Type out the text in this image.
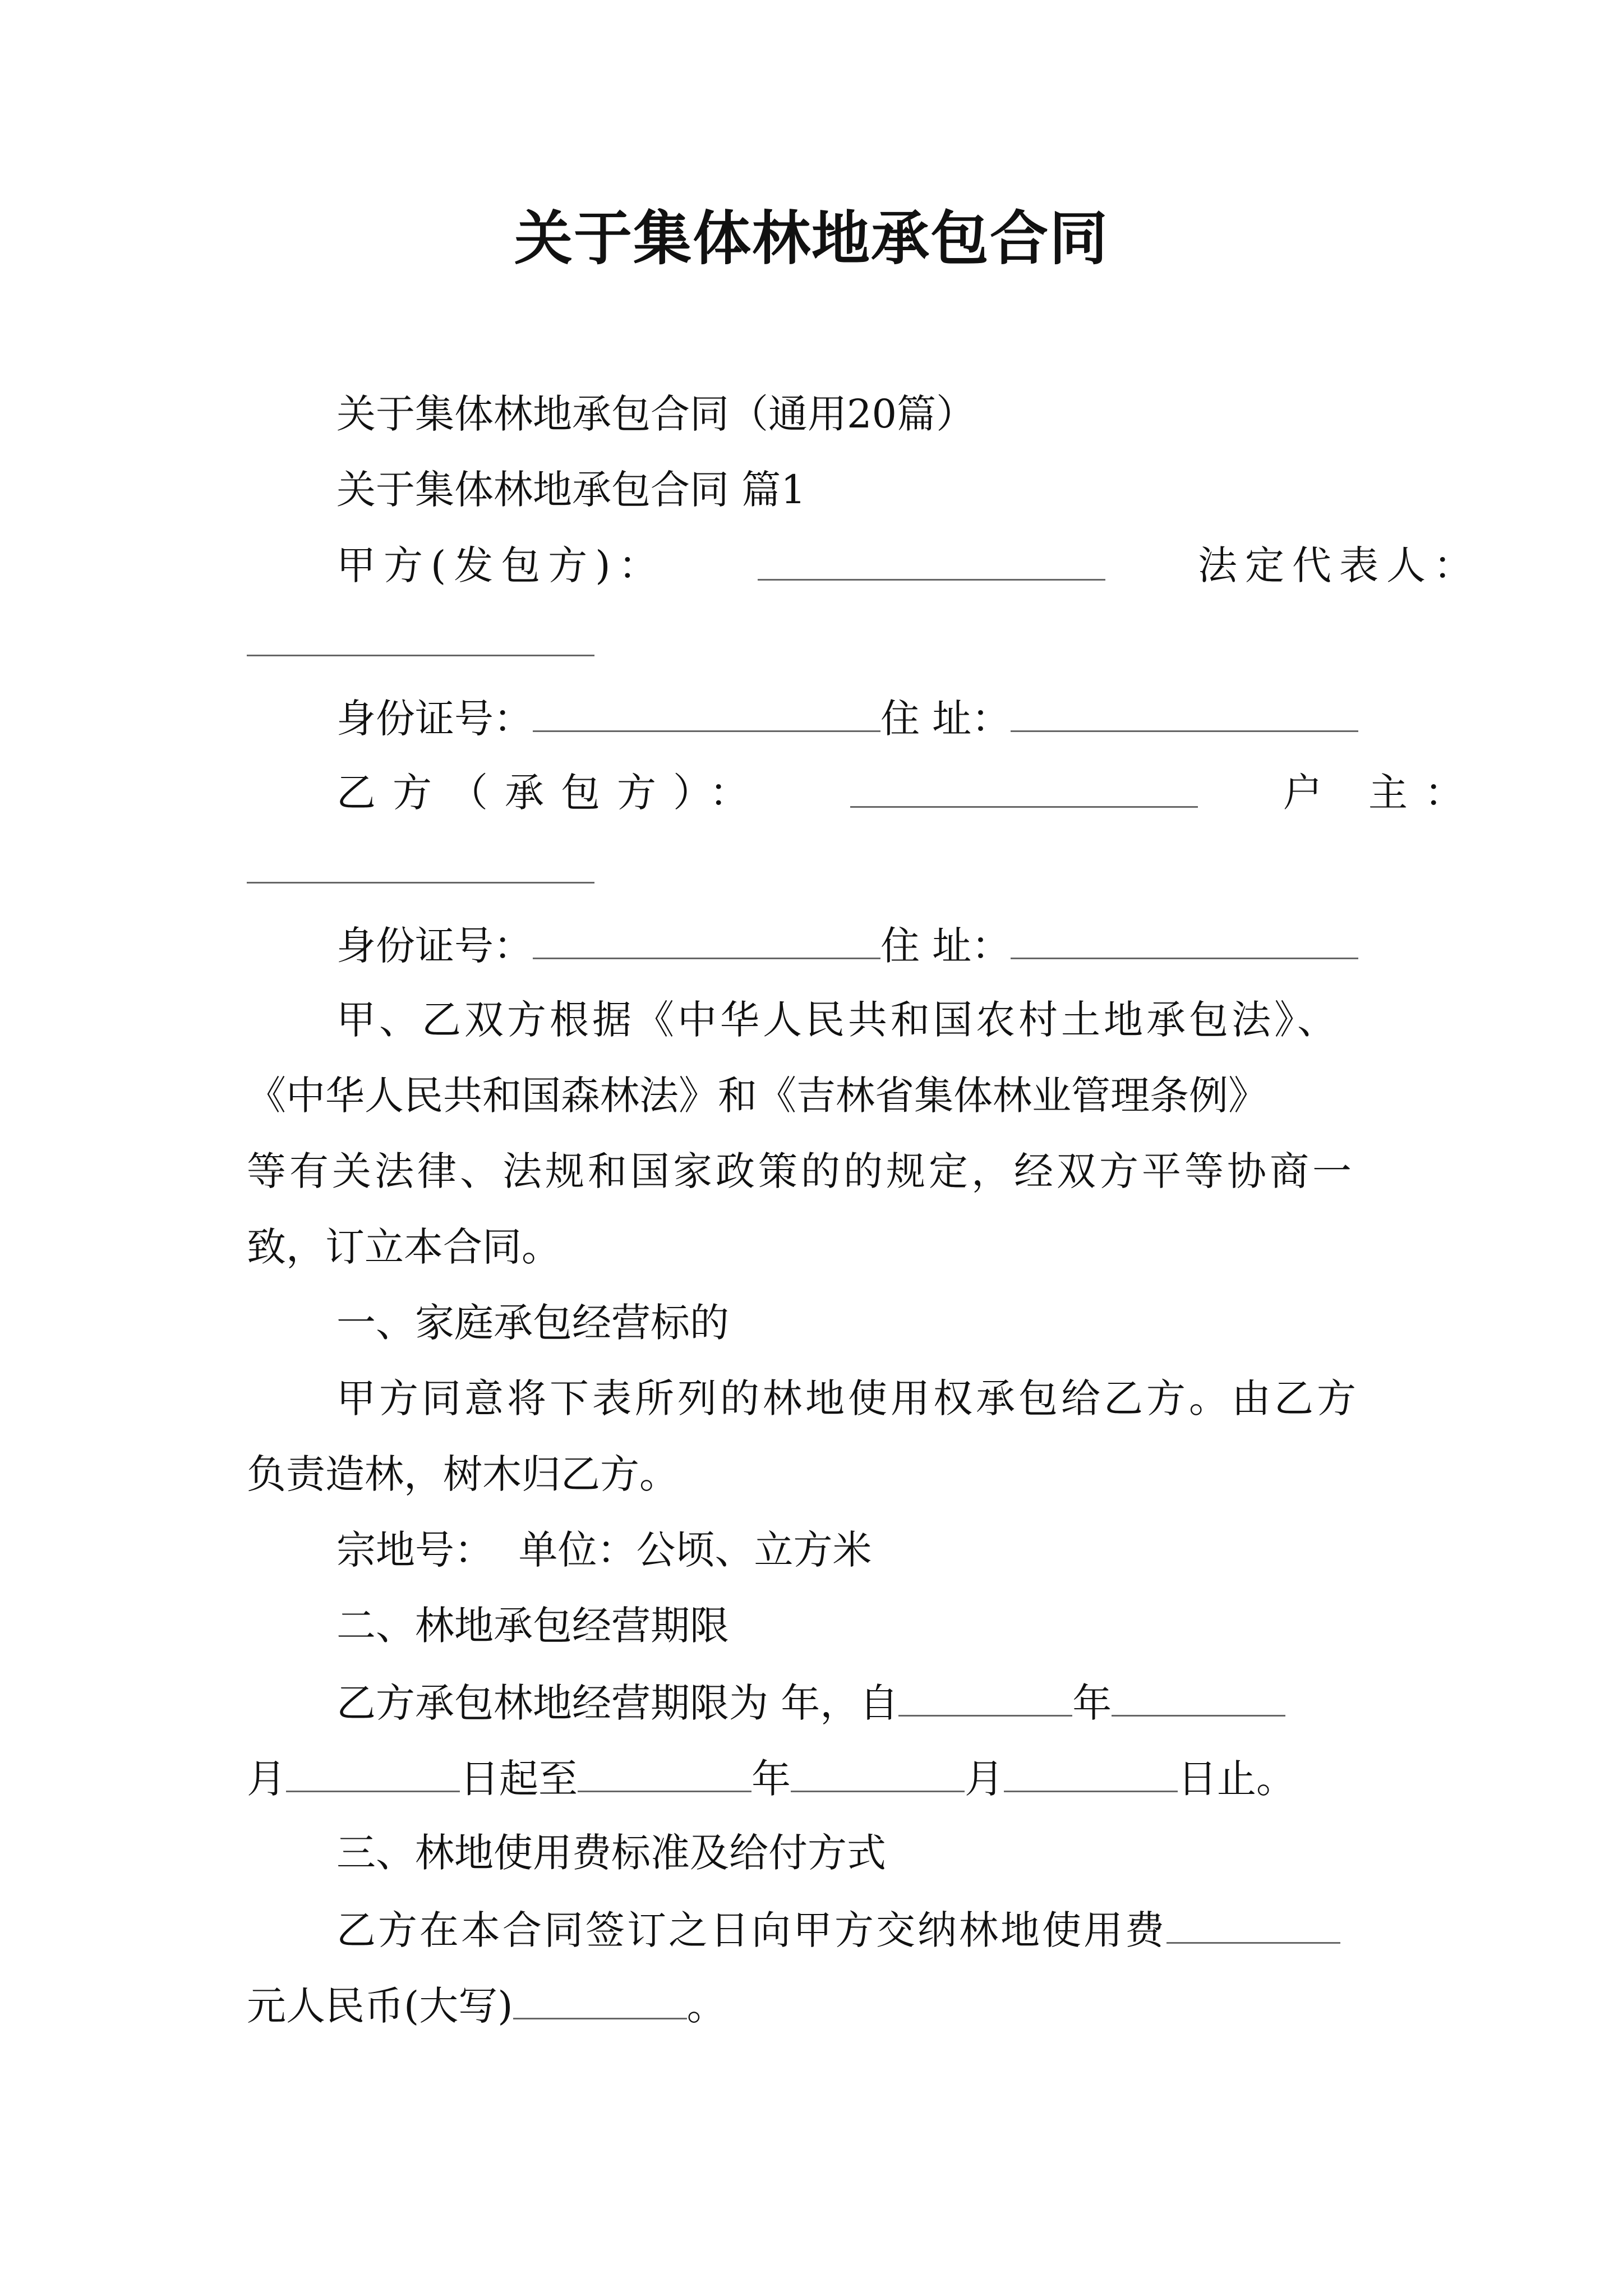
关于集体林地承包合同
关于集体林地承包合同（通用20篇）
关于集体林地承包合同 篇1
甲方(发包方)：	法定代表人：
身份证号：	住 址：
乙方（承包方）：	户 主：
身份证号：	住 址：
甲、乙双方根据《中华人民共和国农村土地承包法》、
《中华人民共和国森林法》和《吉林省集体林业管理条例》
等有关法律、法规和国家政策的的规定，经双方平等协商一
致，订立本合同。
一、家庭承包经营标的
甲方同意将下表所列的林地使用权承包给乙方。由乙方
负责造林，树木归乙方。
宗地号：  单位：公顷、立方米
二、林地承包经营期限
乙方承包林地经营期限为 年，自	年
月	日起至	年	月	日止。
三、林地使用费标准及给付方式
乙方在本合同签订之日向甲方交纳林地使用费
元人民币(大写)	。
